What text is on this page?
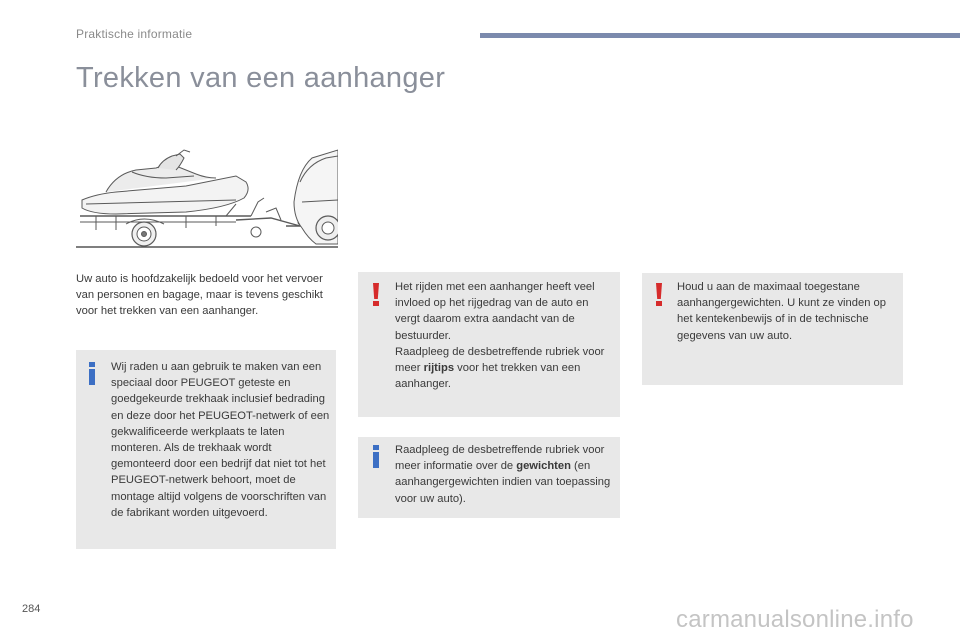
Praktische informatie
Trekken van een aanhanger

Uw auto is hoofdzakelijk bedoeld voor het vervoer van personen en bagage, maar is tevens geschikt voor het trekken van een aanhanger.

Wij raden u aan gebruik te maken van een speciaal door PEUGEOT geteste en goedgekeurde trekhaak inclusief bedrading en deze door het PEUGEOT-netwerk of een gekwalificeerde werkplaats te laten monteren. Als de trekhaak wordt gemonteerd door een bedrijf dat niet tot het PEUGEOT-netwerk behoort, moet de montage altijd volgens de voorschriften van de fabrikant worden uitgevoerd.

Het rijden met een aanhanger heeft veel invloed op het rijgedrag van de auto en vergt daarom extra aandacht van de bestuurder.

Raadpleeg de desbetreffende rubriek voor meer rijtips voor het trekken van een aanhanger.

Raadpleeg de desbetreffende rubriek voor meer informatie over de gewichten (en aanhangergewichten indien van toepassing voor uw auto).

Houd u aan de maximaal toegestane aanhangergewichten. U kunt ze vinden op het kentekenbewijs of in de technische gegevens van uw auto.

284	carmanualsonline.info
